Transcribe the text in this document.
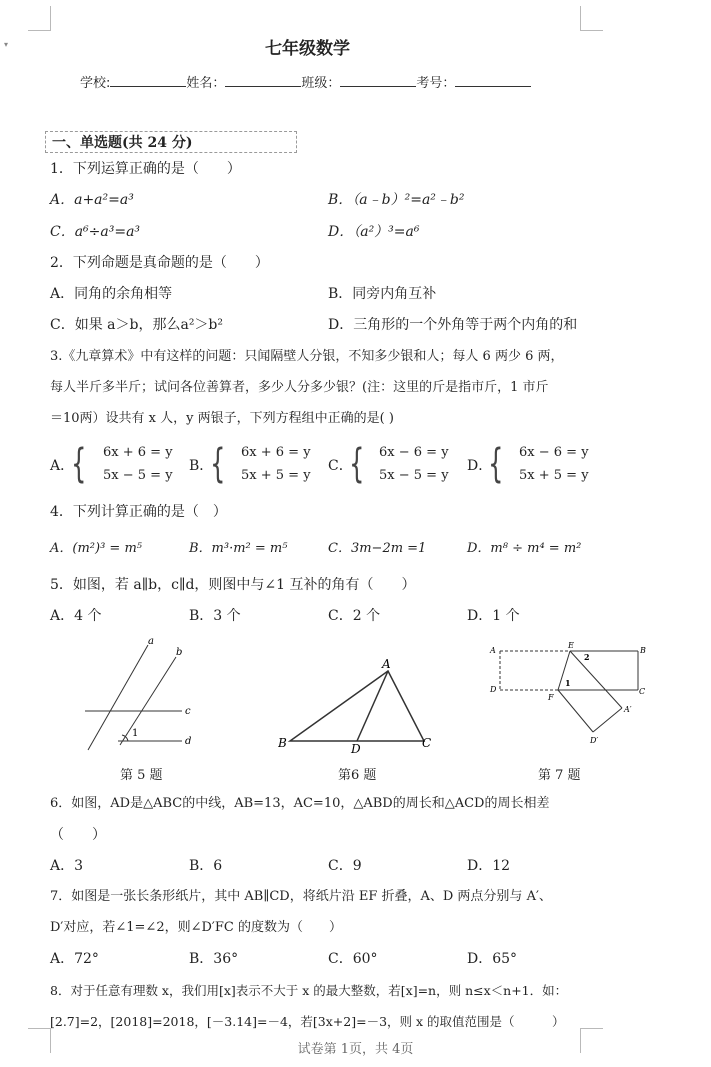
▾	七年级数学
学校:	姓名：	班级：	考号：
一、单选题(共 24 分)
1．下列运算正确的是（　　）
A．a+a²=a³	B．（a﹣b）²=a²﹣b²
C．a⁶÷a³=a³	D．（a²）³=a⁶
2．下列命题是真命题的是（　　）
A．同角的余角相等	B．同旁内角互补
C．如果 a＞b，那么a²＞b²	D．三角形的一个外角等于两个内角的和
3.《九章算术》中有这样的问题：只闻隔壁人分银，不知多少银和人；每人 6 两少 6 两，
每人半斤多半斤；试问各位善算者，多少人分多少银？(注：这里的斤是指市斤，1 市斤
＝10两）设共有 x 人，y 两银子，下列方程组中正确的是( )
A．
{ 6x + 6 = y
5x − 5 = y
B．
{ 6x + 6 = y
5x + 5 = y
C．
{ 6x − 6 = y
5x − 5 = y
D．
{ 6x − 6 = y
5x + 5 = y
4．下列计算正确的是（　）
A．(m²)³ = m⁵	B．m³·m² = m⁵	C．3m−2m =1	D．m⁸ ÷ m⁴ = m²
5．如图，若 a∥b，c∥d，则图中与∠1 互补的角有（　　）
A．4 个	B．3 个	C．2 个	D．1 个
a
b
c
d
1
第 5 题
A
B	D	C
第6 题
A
E
2
B
D
1
C
F
A′
D′
第 7 题
6．如图，AD是△ABC的中线，AB=13，AC=10，△ABD的周长和△ACD的周长相差
（　　）
A．3	B．6	C．9	D．12
7．如图是一张长条形纸片，其中 AB∥CD，将纸片沿 EF 折叠，A、D 两点分别与 A′、
D′对应，若∠1=∠2，则∠D′FC 的度数为（　　）
A．72°	B．36°	C．60°	D．65°
8．对于任意有理数 x，我们用[x]表示不大于 x 的最大整数，若[x]=n，则 n≤x＜n+1．如：
[2.7]=2，[2018]=2018，[－3.14]=－4，若[3x+2]=－3，则 x 的取值范围是（　　　）
试卷第 1页，共 4页
